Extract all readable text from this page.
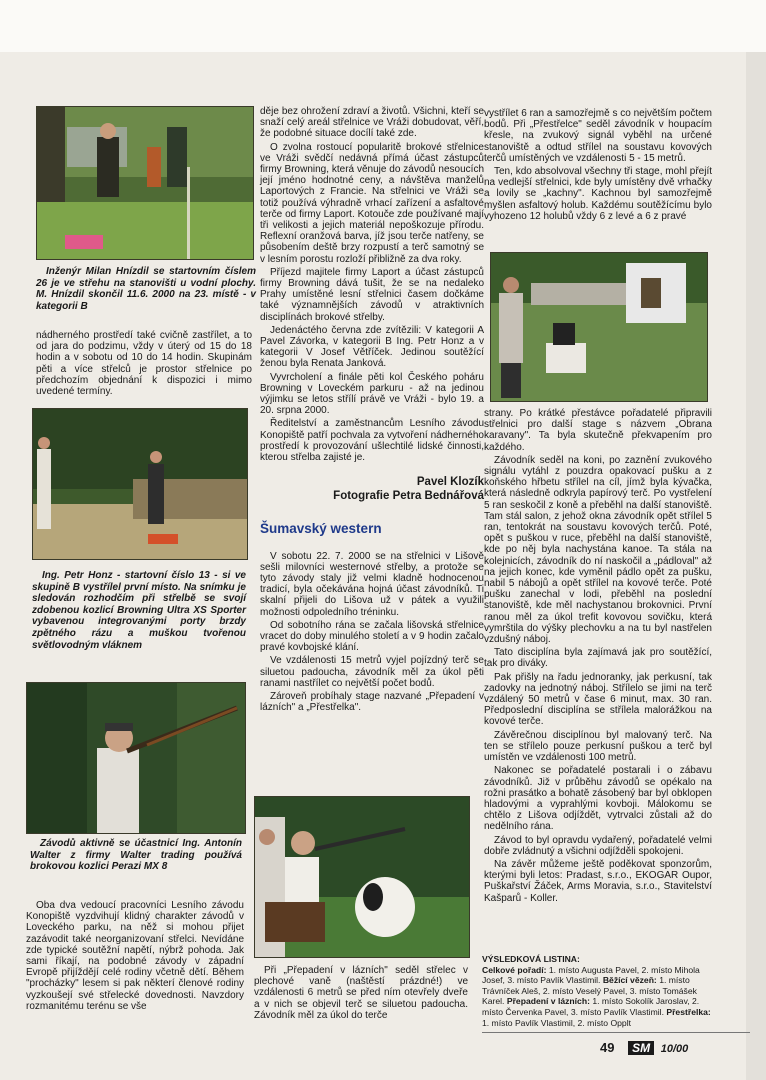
Inženýr Milan Hnízdil se startovním číslem 26 je ve střehu na stanovišti u vodní plochy. M. Hnízdil skončil 11.6. 2000 na 23. místě - v kategorii B

nádherného prostředí také cvičně zastřílet, a to od jara do podzimu, vždy v úterý od 15 do 18 hodin a v sobotu od 10 do 14 hodin. Skupinám pěti a více střelců je prostor střelnice po předchozím objednání k dispozici i mimo uvedené termíny.

Ing. Petr Honz - startovní číslo 13 - si ve skupině B vystřílel první místo. Na snímku je sledován rozhodčím při střelbě se svojí zdobenou kozlicí Browning Ultra XS Sporter vybavenou integrovanými porty brzdy zpětného rázu a muškou tvořenou světlovodným vláknem

Závodů aktivně se účastnicí Ing. Antonín Walter z firmy Walter trading používá brokovou kozlici Perazi MX 8

Oba dva vedoucí pracovníci Lesního závodu Konopiště vyzdvihují klidný charakter závodů v Loveckého parku, na něž si mohou přijet zazávodit také neorganizovaní střelci. Nevídáne zde typické soutěžní napětí, nýbrž pohoda. Jak sami říkají, na podobné závody v západní Evropě přijíždějí celé rodiny včetně dětí. Během "procházky" lesem si pak některí členové rodiny vyzkoušejí své střelecké dovednosti. Navzdory rozmanitému terénu se vše

děje bez ohrožení zdraví a životů. Všichni, kteří se snaží celý areál střelnice ve Vráži dobudovat, věří, že podobné situace docílí také zde.

O zvolna rostoucí popularitě brokové střelnice ve Vráži svědčí nedávná přímá účast zástupců firmy Browning, která věnuje do závodů nesoucích její jméno hodnotné ceny, a návštěva manželů Laportových z Francie. Na střelnici ve Vráži se totiž používá výhradně vrhací zařízení a asfaltové terče od firmy Laport. Kotouče zde používané mají tři velikosti a jejich materiál nepoškozuje přírodu. Reflexní oranžová barva, jíž jsou terče natřeny, se působením deště brzy rozpustí a terč samotný se v lesním porostu rozloží přibližně za dva roky.

Příjezd majitele firmy Laport a účast zástupců firmy Browning dává tušit, že se na nedaleko Prahy umístěné lesní střelnici časem dočkáme také významnějších závodů v atraktivních disciplínách brokové střelby.

Jedenáctého června zde zvítězili: V kategorii A Pavel Závorka, v kategorii B Ing. Petr Honz a v kategorii V Josef Větříček. Jedinou soutěžící ženou byla Renata Janková.

Vyvrcholení a finále pěti kol Českého poháru Browning v Loveckém parkuru - až na jedinou výjimku se letos střílí právě ve Vráži - bylo 19. a 20. srpna 2000.

Ředitelství a zaměstnancům Lesního závodu Konopiště patří pochvala za vytvoření nádherného prostředí k provozování ušlechtilé lidské činnosti, kterou střelba zajisté je.

Pavel Klozík
Fotografie Petra Bednářová

Šumavský western

V sobotu 22. 7. 2000 se na střelnici v Lišově sešli milovníci westernové střelby, a protože se tyto závody staly již velmi kladně hodnocenou tradicí, byla očekávána hojná účast závodníků. Ti skalní přijeli do Lišova už v pátek a využili možnosti odpoledního tréninku.

Od sobotního rána se začala lišovská střelnice vracet do doby minulého století a v 9 hodin začalo pravé kovbojské klání.

Ve vzdálenosti 15 metrů vyjel pojízdný terč se siluetou padoucha, závodník měl za úkol pěti ranami nastřílet co největší počet bodů.

Zároveň probíhaly stage nazvané „Přepadení v lázních" a „Přestřelka".

Při „Přepadení v lázních" seděl střelec v plechové vaně (naštěstí prázdné!) ve vzdálenosti 6 metrů se před ním otevřely dveře a v nich se objevil terč se siluetou padoucha. Závodník měl za úkol do terče

vystřílet 6 ran a samozřejmě s co největším počtem bodů. Při „Přestřelce" seděl závodník v houpacím křesle, na zvukový signál vyběhl na určené stanoviště a odtud střílel na soustavu kovových terčů umístěných ve vzdálenosti 5 - 15 metrů.

Ten, kdo absolvoval všechny tři stage, mohl přejít na vedlejší střelnici, kde byly umístěny dvě vrhačky a lovily se „kachny". Kachnou byl samozřejmě myšlen asfaltový holub. Každému soutěžícímu bylo vyhozeno 12 holubů vždy 6 z levé a 6 z pravé

strany. Po krátké přestávce pořadatelé připravili střelnici pro další stage s názvem „Obrana karavany". Ta byla skutečně překvapením pro každého.

Závodník seděl na koni, po zaznění zvukového signálu vytáhl z pouzdra opakovací pušku a z koňského hřbetu střílel na cíl, jímž byla kývačka, která následně odkryla papírový terč. Po vystřelení 5 ran seskočil z koně a přeběhl na další stanoviště. Tam stál salon, z jehož okna závodník opět střílel 5 ran, tentokrát na soustavu kovových terčů. Poté, opět s puškou v ruce, přeběhl na další stanoviště, kde po něj byla nachystána kanoe. Ta stála na kolejnicích, závodník do ní naskočil a „pádloval" až na jejich konec, kde vyměnil pádlo opět za pušku, nabil 5 nábojů a opět střílel na kovové terče. Poté pušku zanechal v lodi, přeběhl na poslední stanoviště, kde měl nachystanou brokovnici. První ranou měl za úkol trefit kovovou sovičku, která vymrštila do výšky plechovku a na tu byl nastřelen vzdušný náboj.

Tato disciplína byla zajímavá jak pro soutěžící, tak pro diváky.

Pak přišly na řadu jednoranky, jak perkusní, tak zadovky na jednotný náboj. Střílelo se jimi na terč vzdálený 50 metrů v čase 6 minut, max. 30 ran. Předposlední disciplína se střílela malorážkou na kovové terče.

Závěrečnou disciplínou byl malovaný terč. Na ten se střílelo pouze perkusní puškou a terč byl umístěn ve vzdálenosti 100 metrů.

Nakonec se pořadatelé postarali i o zábavu závodníků. Již v průběhu závodů se opékalo na rožni prasátko a bohatě zásobený bar byl obklopen hladovými a vyprahlými kovboji. Málokomu se chtělo z Lišova odjíždět, vytrvalci zůstali až do nedělního rána.

Závod to byl opravdu vydařený, pořadatelé velmi dobře zvládnutý a všichni odjížděli spokojeni.

Na závěr můžeme ještě poděkovat sponzorům, kterými byli letos: Pradast, s.r.o., EKOGAR Oupor, Puškařství Žáček, Arms Moravia, s.r.o., Stavitelství Kašparů - Koller.

VÝSLEDKOVÁ LISTINA:
Celkové pořadí: 1. místo Augusta Pavel, 2. místo Mihola Josef, 3. místo Pavlík Vlastimil. Běžící vězeň: 1. místo Trávníček Aleš, 2. místo Veselý Pavel, 3. místo Tomášek Karel. Přepadení v lázních: 1. místo Sokolík Jaroslav, 2. místo Červenka Pavel, 3. místo Pavlík Vlastimil. Přestřelka: 1. místo Pavlík Vlastimil, 2. místo Opplt
49 SM 10/00
